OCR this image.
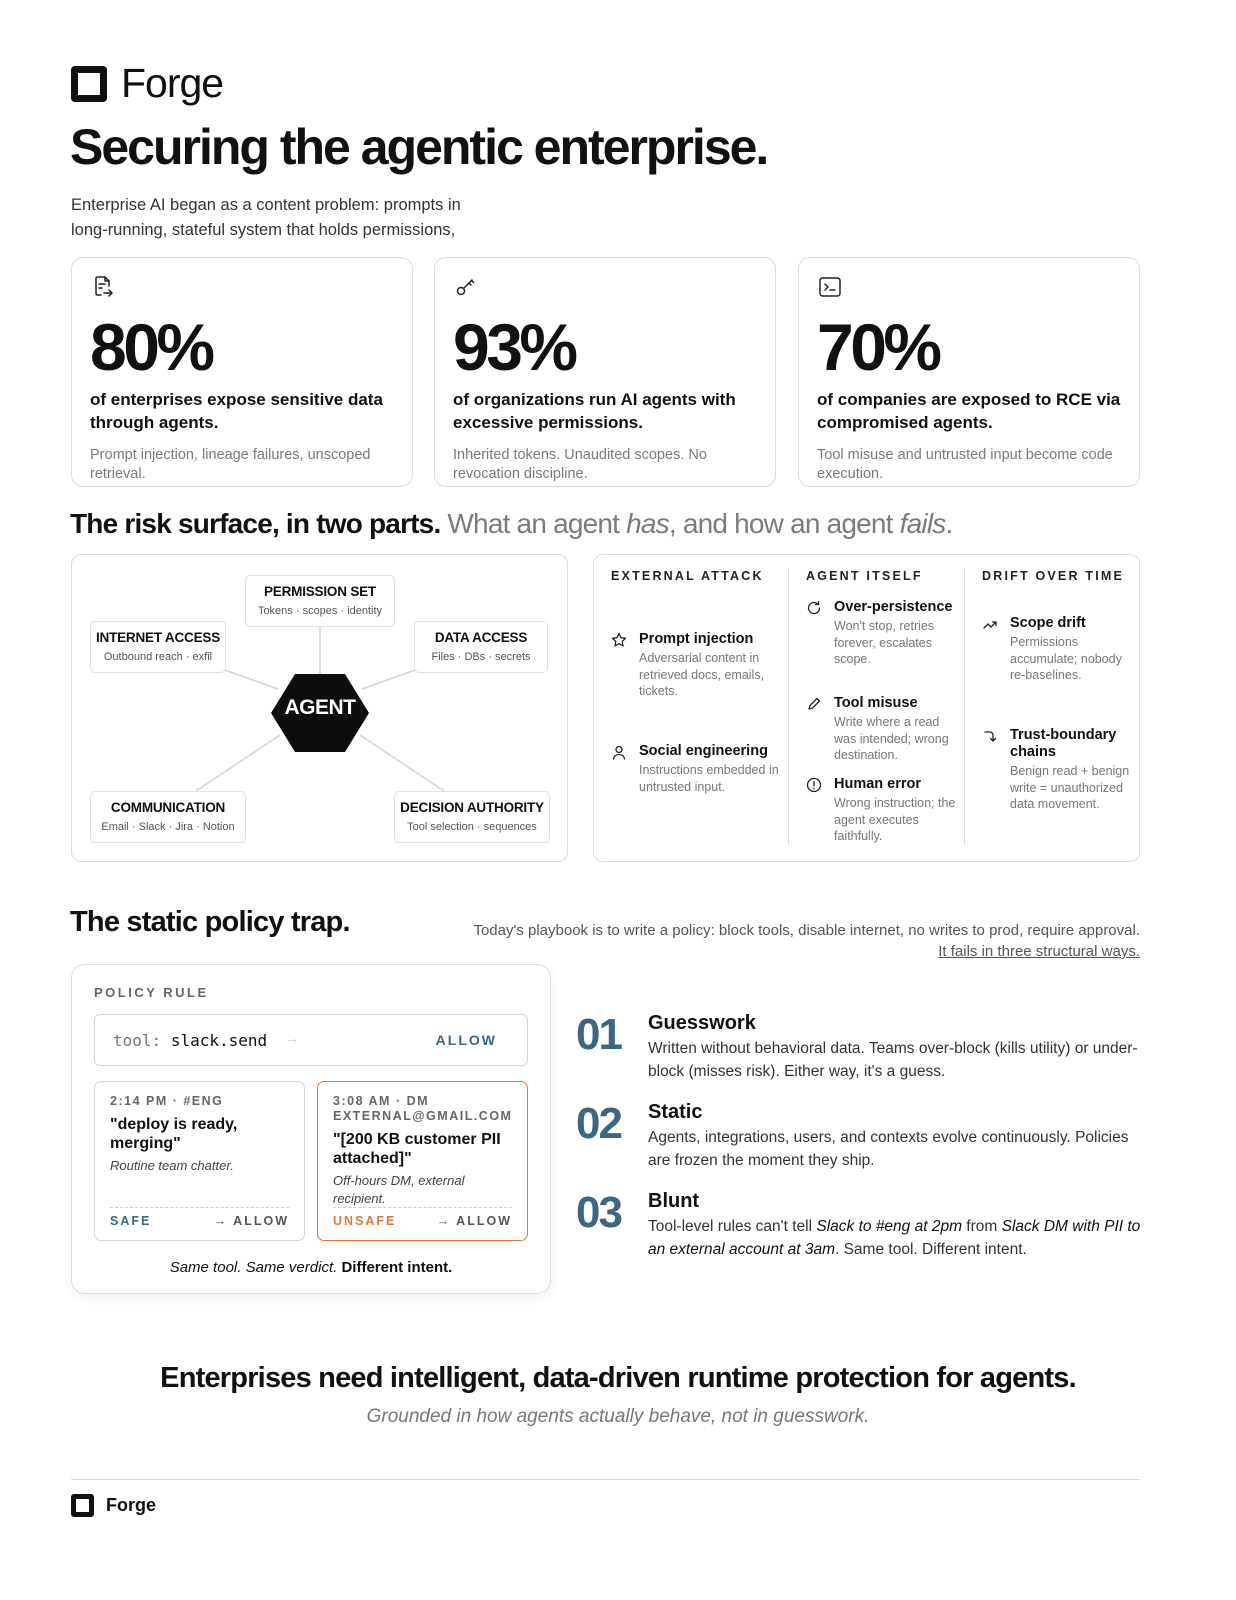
Forge
Securing the agentic enterprise.

Enterprise AI began as a content problem: prompts in long-running, stateful system that holds permissions,

80%
of enterprises expose sensitive data through agents.
Prompt injection, lineage failures, unscoped retrieval.
93%
of organizations run AI agents with excessive permissions.
Inherited tokens. Unaudited scopes. No revocation discipline.
70%
of companies are exposed to RCE via compromised agents.
Tool misuse and untrusted input become code execution.
The risk surface, in two parts. What an agent has, and how an agent fails.
PERMISSION SET
Tokens · scopes · identity
INTERNET ACCESS
Outbound reach · exfil
DATA ACCESS
Files · DBs · secrets
AGENT
COMMUNICATION
Email · Slack · Jira · Notion
DECISION AUTHORITY
Tool selection · sequences
EXTERNAL ATTACK	AGENT ITSELF	DRIFT OVER TIME
Prompt injection
Adversarial content in retrieved docs, emails, tickets.
Social engineering
Instructions embedded in untrusted input.
Over-persistence
Won't stop, retries forever, escalates scope.
Tool misuse
Write where a read was intended; wrong destination.
Human error
Wrong instruction; the agent executes faithfully.
Scope drift
Permissions accumulate; nobody re-baselines.
Trust-boundary chains
Benign read + benign write = unauthorized data movement.
The static policy trap.	Today's playbook is to write a policy: block tools, disable internet, no writes to prod, require approval.
It fails in three structural ways.
POLICY RULE
tool: slack.send →	ALLOW
2:14 PM · #ENG
"deploy is ready, merging"
Routine team chatter.
SAFE	→ ALLOW
3:08 AM · DM EXTERNAL@GMAIL.COM
"[200 KB customer PII attached]"
Off-hours DM, external recipient.
UNSAFE	→ ALLOW
Same tool. Same verdict. Different intent.
01 Guesswork
Written without behavioral data. Teams over-block (kills utility) or under-block (misses risk). Either way, it's a guess.
02 Static
Agents, integrations, users, and contexts evolve continuously. Policies are frozen the moment they ship.
03 Blunt
Tool-level rules can't tell Slack to #eng at 2pm from Slack DM with PII to an external account at 3am. Same tool. Different intent.
Enterprises need intelligent, data-driven runtime protection for agents.
Grounded in how agents actually behave, not in guesswork.
Forge
